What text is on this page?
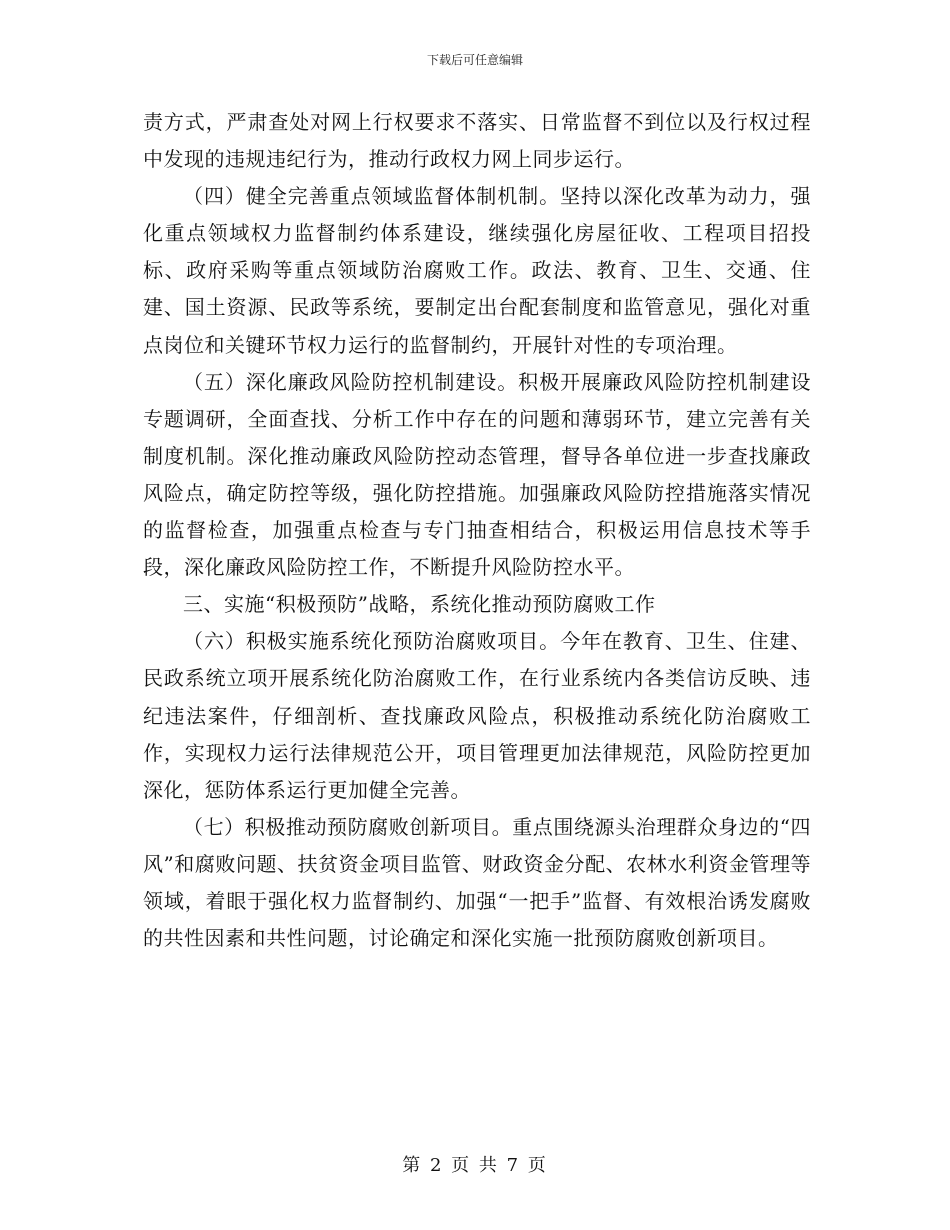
下载后可任意编辑

责方式，严肃查处对网上行权要求不落实、日常监督不到位以及行权过程中发现的违规违纪行为，推动行政权力网上同步运行。

（四）健全完善重点领域监督体制机制。坚持以深化改革为动力，强化重点领域权力监督制约体系建设，继续强化房屋征收、工程项目招投标、政府采购等重点领域防治腐败工作。政法、教育、卫生、交通、住建、国土资源、民政等系统，要制定出台配套制度和监管意见，强化对重点岗位和关键环节权力运行的监督制约，开展针对性的专项治理。

（五）深化廉政风险防控机制建设。积极开展廉政风险防控机制建设专题调研，全面查找、分析工作中存在的问题和薄弱环节，建立完善有关制度机制。深化推动廉政风险防控动态管理，督导各单位进一步查找廉政风险点，确定防控等级，强化防控措施。加强廉政风险防控措施落实情况的监督检查，加强重点检查与专门抽查相结合，积极运用信息技术等手段，深化廉政风险防控工作，不断提升风险防控水平。

三、实施“积极预防”战略，系统化推动预防腐败工作

（六）积极实施系统化预防治腐败项目。今年在教育、卫生、住建、民政系统立项开展系统化防治腐败工作，在行业系统内各类信访反映、违纪违法案件，仔细剖析、查找廉政风险点，积极推动系统化防治腐败工作，实现权力运行法律规范公开，项目管理更加法律规范，风险防控更加深化，惩防体系运行更加健全完善。

（七）积极推动预防腐败创新项目。重点围绕源头治理群众身边的“四风”和腐败问题、扶贫资金项目监管、财政资金分配、农林水利资金管理等领域，着眼于强化权力监督制约、加强“一把手”监督、有效根治诱发腐败的共性因素和共性问题，讨论确定和深化实施一批预防腐败创新项目。

第 2 页 共 7 页
